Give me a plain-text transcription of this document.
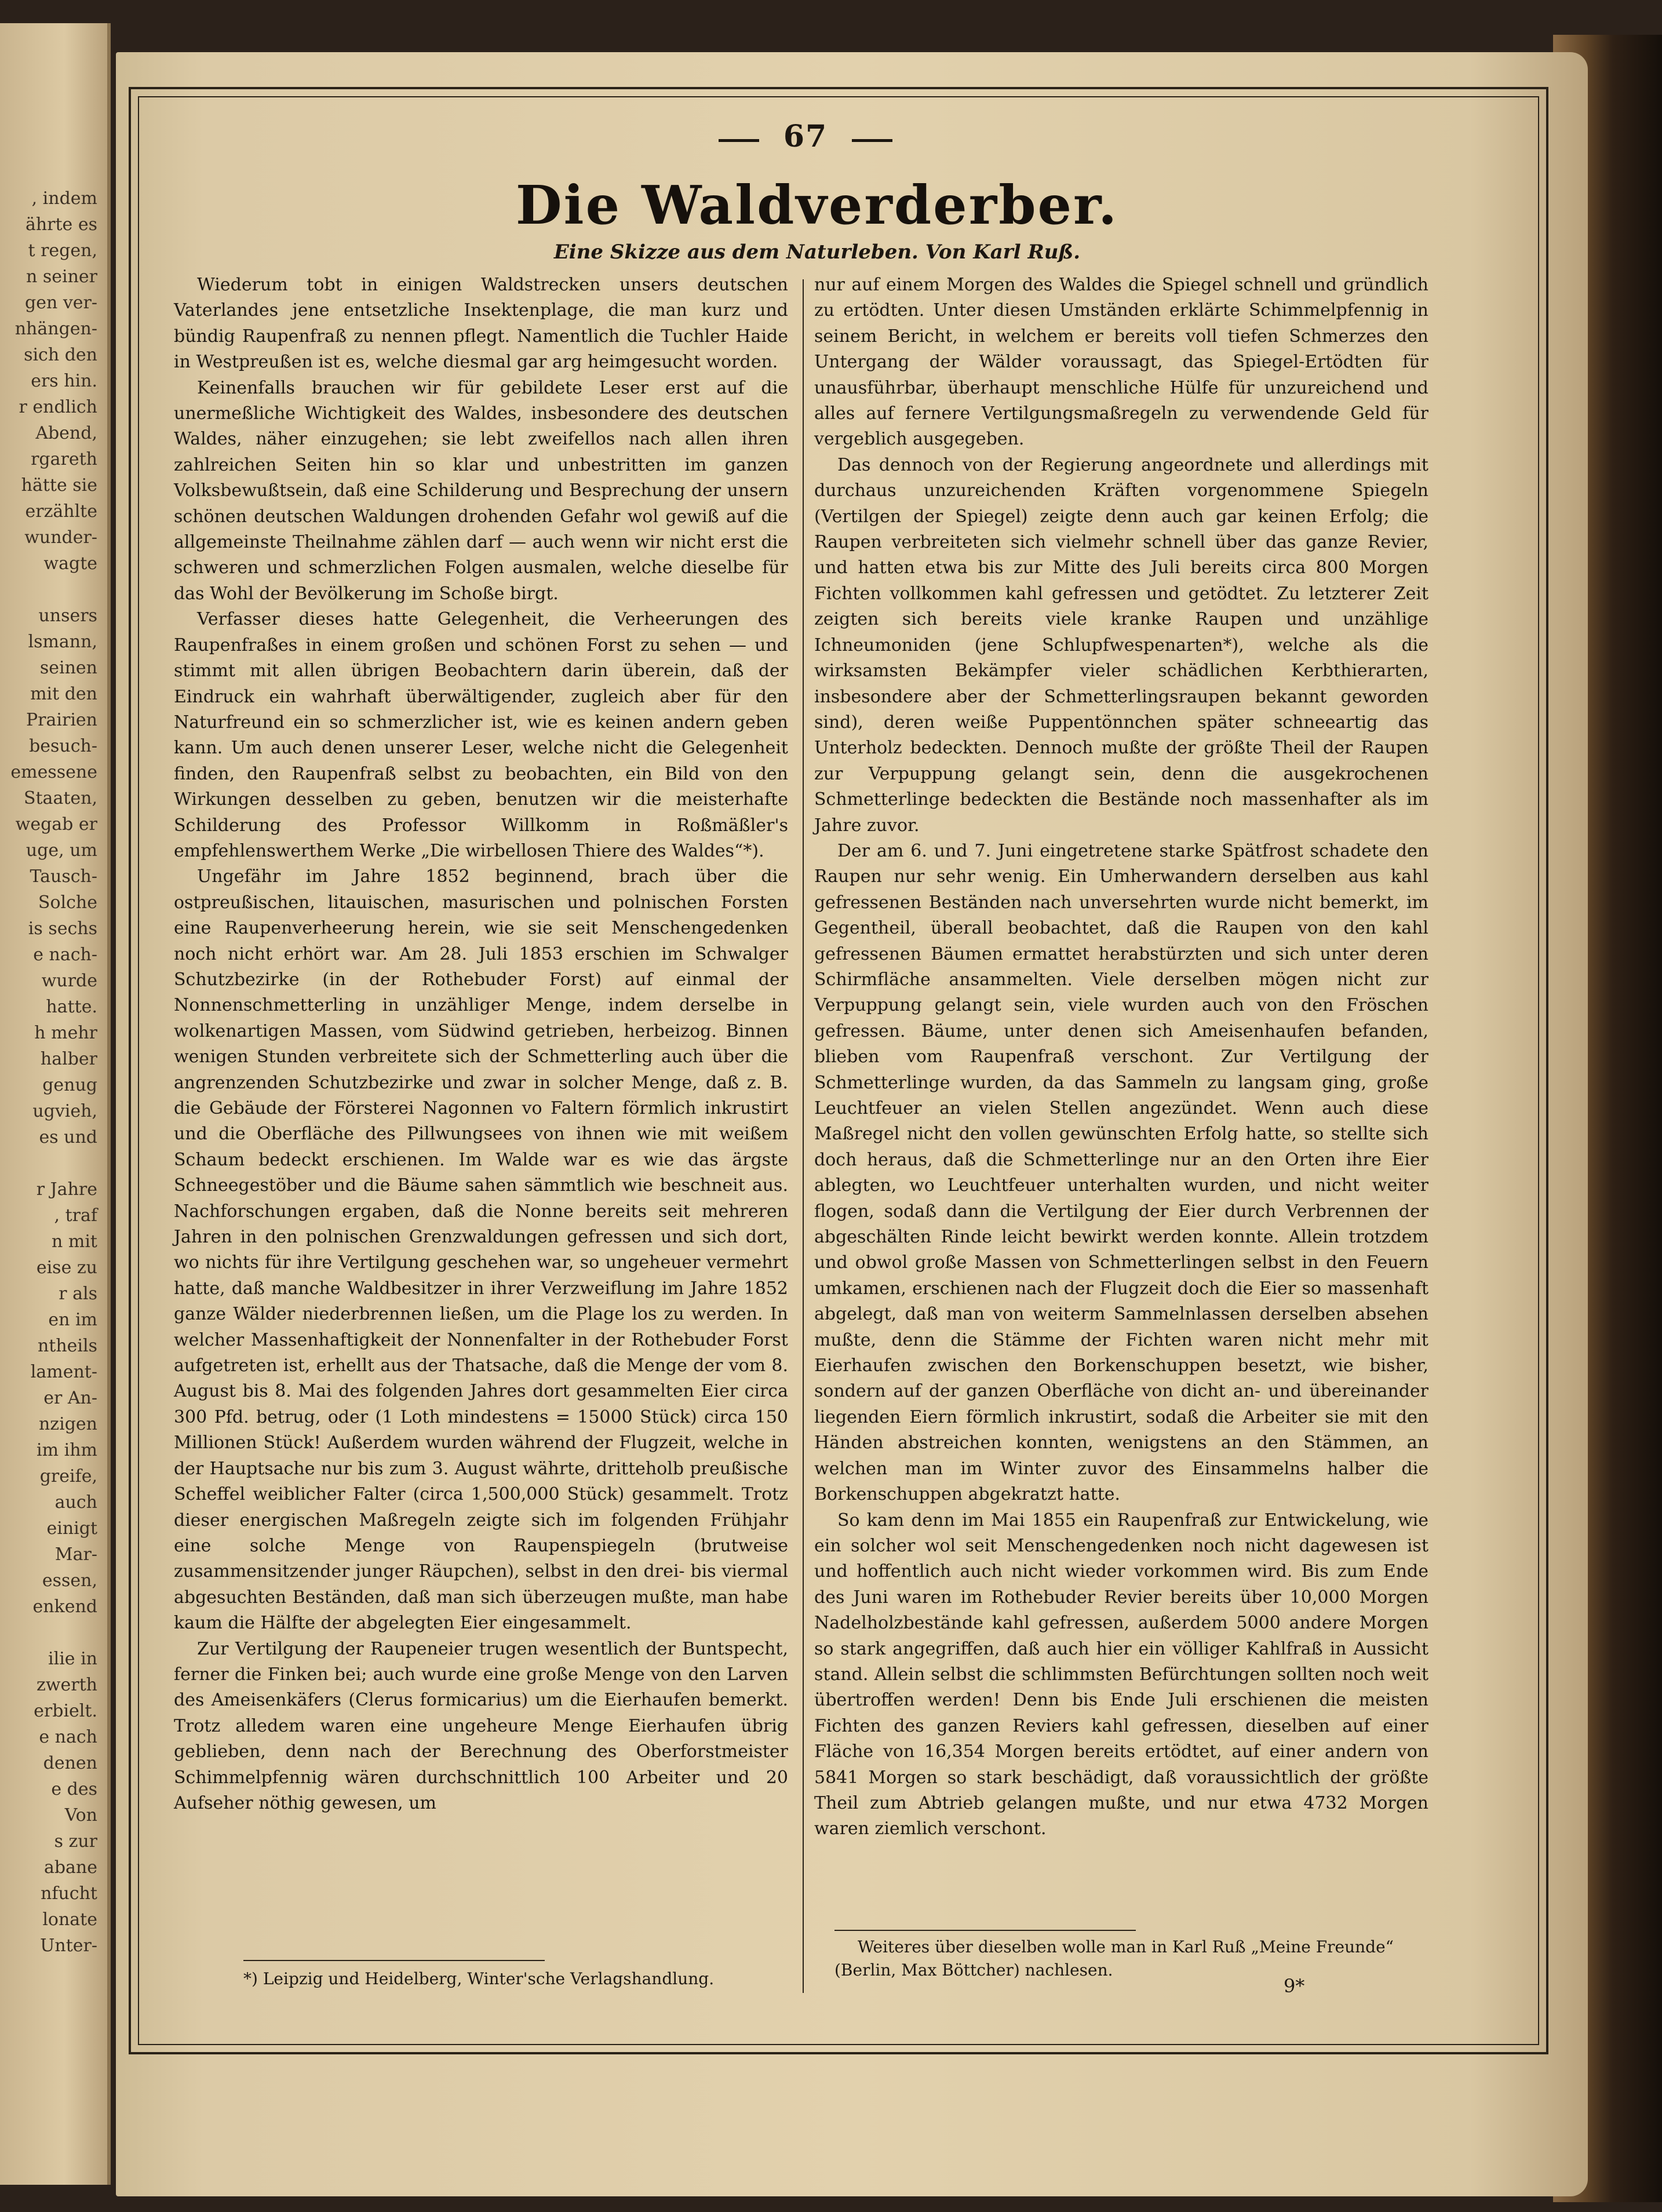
, indem
ährte es
t regen,
n seiner
gen ver-
nhängen-
sich den
ers hin.
r endlich
Abend,
rgareth
hätte sie
erzählte
wunder-
wagte

unsers
lsmann,
seinen
mit den
Prairien
besuch-
emessene
Staaten,
wegab er
uge, um
Tausch-
Solche
is sechs
e nach-
wurde
hatte.
h mehr
halber
genug
ugvieh,
es und

r Jahre
, traf
n mit
eise zu
r als
en im
ntheils
lament-
er An-
nzigen
im ihm
greife,
auch
einigt
Mar-
essen,
enkend

ilie in
zwerth
erbielt.
e nach
denen
e des
Von
s zur
abane
nfucht
lonate
Unter-
67
Die Waldverderber.
Eine Skizze aus dem Naturleben. Von Karl Ruß.

Wiederum tobt in einigen Waldstrecken unsers deutschen Vaterlandes jene entsetzliche Insektenplage, die man kurz und bündig Raupenfraß zu nennen pflegt. Namentlich die Tuchler Haide in Westpreußen ist es, welche diesmal gar arg heimgesucht worden.

Keinenfalls brauchen wir für gebildete Leser erst auf die unermeßliche Wichtigkeit des Waldes, insbesondere des deutschen Waldes, näher einzugehen; sie lebt zweifellos nach allen ihren zahlreichen Seiten hin so klar und unbestritten im ganzen Volksbewußtsein, daß eine Schilderung und Besprechung der unsern schönen deutschen Waldungen drohenden Gefahr wol gewiß auf die allgemeinste Theilnahme zählen darf — auch wenn wir nicht erst die schweren und schmerzlichen Folgen ausmalen, welche dieselbe für das Wohl der Bevölkerung im Schoße birgt.

Verfasser dieses hatte Gelegenheit, die Verheerungen des Raupenfraßes in einem großen und schönen Forst zu sehen — und stimmt mit allen übrigen Beobachtern darin überein, daß der Eindruck ein wahrhaft überwältigender, zugleich aber für den Naturfreund ein so schmerzlicher ist, wie es keinen andern geben kann. Um auch denen unserer Leser, welche nicht die Gelegenheit finden, den Raupenfraß selbst zu beobachten, ein Bild von den Wirkungen desselben zu geben, benutzen wir die meisterhafte Schilderung des Professor Willkomm in Roßmäßler's empfehlenswerthem Werke „Die wirbellosen Thiere des Waldes“*).

Ungefähr im Jahre 1852 beginnend, brach über die ostpreußischen, litauischen, masurischen und polnischen Forsten eine Raupenverheerung herein, wie sie seit Menschengedenken noch nicht erhört war. Am 28. Juli 1853 erschien im Schwalger Schutzbezirke (in der Rothebuder Forst) auf einmal der Nonnenschmetterling in unzähliger Menge, indem derselbe in wolkenartigen Massen, vom Südwind getrieben, herbeizog. Binnen wenigen Stunden verbreitete sich der Schmetterling auch über die angrenzenden Schutzbezirke und zwar in solcher Menge, daß z. B. die Gebäude der Försterei Nagonnen vo Faltern förmlich inkrustirt und die Oberfläche des Pillwungsees von ihnen wie mit weißem Schaum bedeckt erschienen. Im Walde war es wie das ärgste Schneegestöber und die Bäume sahen sämmtlich wie beschneit aus. Nachforschungen ergaben, daß die Nonne bereits seit mehreren Jahren in den polnischen Grenzwaldungen gefressen und sich dort, wo nichts für ihre Vertilgung geschehen war, so ungeheuer vermehrt hatte, daß manche Waldbesitzer in ihrer Verzweiflung im Jahre 1852 ganze Wälder niederbrennen ließen, um die Plage los zu werden. In welcher Massenhaftigkeit der Nonnenfalter in der Rothebuder Forst aufgetreten ist, erhellt aus der Thatsache, daß die Menge der vom 8. August bis 8. Mai des folgenden Jahres dort gesammelten Eier circa 300 Pfd. betrug, oder (1 Loth mindestens = 15000 Stück) circa 150 Millionen Stück! Außerdem wurden während der Flugzeit, welche in der Hauptsache nur bis zum 3. August währte, dritteholb preußische Scheffel weiblicher Falter (circa 1,500,000 Stück) gesammelt. Trotz dieser energischen Maßregeln zeigte sich im folgenden Frühjahr eine solche Menge von Raupenspiegeln (brutweise zusammensitzender junger Räupchen), selbst in den drei- bis viermal abgesuchten Beständen, daß man sich überzeugen mußte, man habe kaum die Hälfte der abgelegten Eier eingesammelt.

Zur Vertilgung der Raupeneier trugen wesentlich der Buntspecht, ferner die Finken bei; auch wurde eine große Menge von den Larven des Ameisenkäfers (Clerus formicarius) um die Eierhaufen bemerkt. Trotz alledem waren eine ungeheure Menge Eierhaufen übrig geblieben, denn nach der Berechnung des Oberforstmeister Schimmelpfennig wären durchschnittlich 100 Arbeiter und 20 Aufseher nöthig gewesen, um

nur auf einem Morgen des Waldes die Spiegel schnell und gründlich zu ertödten. Unter diesen Umständen erklärte Schimmelpfennig in seinem Bericht, in welchem er bereits voll tiefen Schmerzes den Untergang der Wälder voraussagt, das Spiegel-Ertödten für unausführbar, überhaupt menschliche Hülfe für unzureichend und alles auf fernere Vertilgungsmaßregeln zu verwendende Geld für vergeblich ausgegeben.

Das dennoch von der Regierung angeordnete und allerdings mit durchaus unzureichenden Kräften vorgenommene Spiegeln (Vertilgen der Spiegel) zeigte denn auch gar keinen Erfolg; die Raupen verbreiteten sich vielmehr schnell über das ganze Revier, und hatten etwa bis zur Mitte des Juli bereits circa 800 Morgen Fichten vollkommen kahl gefressen und getödtet. Zu letzterer Zeit zeigten sich bereits viele kranke Raupen und unzählige Ichneumoniden (jene Schlupfwespenarten*), welche als die wirksamsten Bekämpfer vieler schädlichen Kerbthierarten, insbesondere aber der Schmetterlingsraupen bekannt geworden sind), deren weiße Puppentönnchen später schneeartig das Unterholz bedeckten. Dennoch mußte der größte Theil der Raupen zur Verpuppung gelangt sein, denn die ausgekrochenen Schmetterlinge bedeckten die Bestände noch massenhafter als im Jahre zuvor.

Der am 6. und 7. Juni eingetretene starke Spätfrost schadete den Raupen nur sehr wenig. Ein Umherwandern derselben aus kahl gefressenen Beständen nach unversehrten wurde nicht bemerkt, im Gegentheil, überall beobachtet, daß die Raupen von den kahl gefressenen Bäumen ermattet herabstürzten und sich unter deren Schirmfläche ansammelten. Viele derselben mögen nicht zur Verpuppung gelangt sein, viele wurden auch von den Fröschen gefressen. Bäume, unter denen sich Ameisenhaufen befanden, blieben vom Raupenfraß verschont. Zur Vertilgung der Schmetterlinge wurden, da das Sammeln zu langsam ging, große Leuchtfeuer an vielen Stellen angezündet. Wenn auch diese Maßregel nicht den vollen gewünschten Erfolg hatte, so stellte sich doch heraus, daß die Schmetterlinge nur an den Orten ihre Eier ablegten, wo Leuchtfeuer unterhalten wurden, und nicht weiter flogen, sodaß dann die Vertilgung der Eier durch Verbrennen der abgeschälten Rinde leicht bewirkt werden konnte. Allein trotzdem und obwol große Massen von Schmetterlingen selbst in den Feuern umkamen, erschienen nach der Flugzeit doch die Eier so massenhaft abgelegt, daß man von weiterm Sammelnlassen derselben absehen mußte, denn die Stämme der Fichten waren nicht mehr mit Eierhaufen zwischen den Borkenschuppen besetzt, wie bisher, sondern auf der ganzen Oberfläche von dicht an- und übereinander liegenden Eiern förmlich inkrustirt, sodaß die Arbeiter sie mit den Händen abstreichen konnten, wenigstens an den Stämmen, an welchen man im Winter zuvor des Einsammelns halber die Borkenschuppen abgekratzt hatte.

So kam denn im Mai 1855 ein Raupenfraß zur Entwickelung, wie ein solcher wol seit Menschengedenken noch nicht dagewesen ist und hoffentlich auch nicht wieder vorkommen wird. Bis zum Ende des Juni waren im Rothebuder Revier bereits über 10,000 Morgen Nadelholzbestände kahl gefressen, außerdem 5000 andere Morgen so stark angegriffen, daß auch hier ein völliger Kahlfraß in Aussicht stand. Allein selbst die schlimmsten Befürchtungen sollten noch weit übertroffen werden! Denn bis Ende Juli erschienen die meisten Fichten des ganzen Reviers kahl gefressen, dieselben auf einer Fläche von 16,354 Morgen bereits ertödtet, auf einer andern von 5841 Morgen so stark beschädigt, daß voraussichtlich der größte Theil zum Abtrieb gelangen mußte, und nur etwa 4732 Morgen waren ziemlich verschont.

*) Leipzig und Heidelberg, Winter'sche Verlagshandlung.
Weiteres über dieselben wolle man in Karl Ruß „Meine Freunde“ (Berlin, Max Böttcher) nachlesen.
9*
